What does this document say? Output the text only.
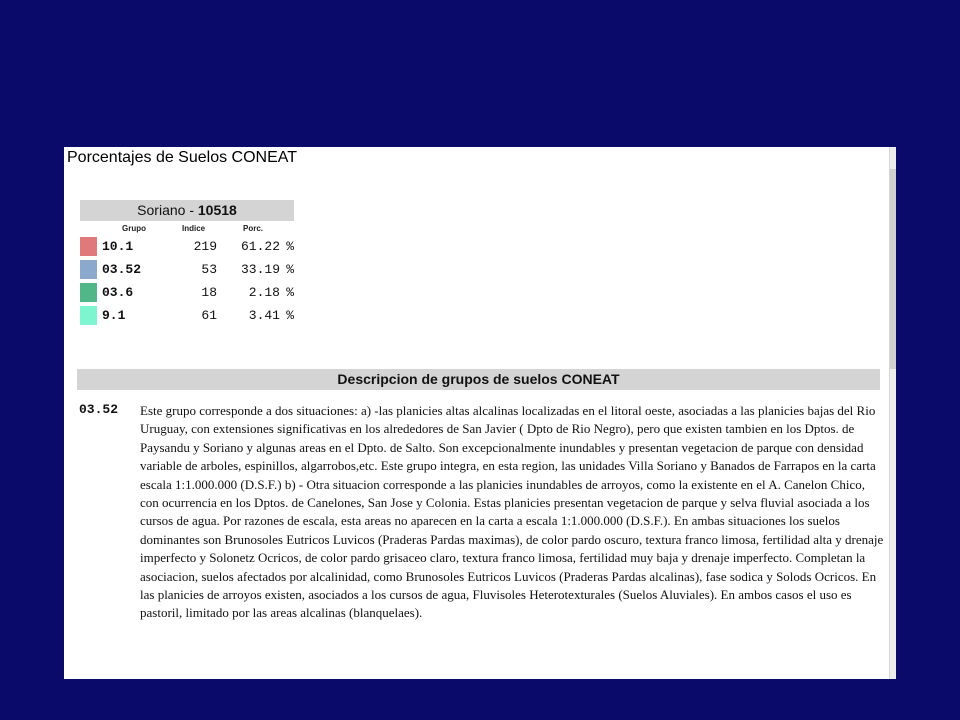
Porcentajes de Suelos CONEAT
Soriano - 10518
Grupo	Indice	Porc.
10.1	219 61.22 %
03.52	53 33.19 %
03.6	18 2.18 %
9.1	61 3.41 %
Descripcion de grupos de suelos CONEAT
03.52 Este grupo corresponde a dos situaciones: a) -las planicies altas alcalinas localizadas en el litoral oeste, asociadas a las planicies bajas del Rio Uruguay, con extensiones significativas en los alrededores de San Javier ( Dpto de Rio Negro), pero que existen tambien en los Dptos. de Paysandu y Soriano y algunas areas en el Dpto. de Salto. Son excepcionalmente inundables y presentan vegetacion de parque con densidad variable de arboles, espinillos, algarrobos,etc. Este grupo integra, en esta region, las unidades Villa Soriano y Banados de Farrapos en la carta escala 1:1.000.000 (D.S.F.) b) - Otra situacion corresponde a las planicies inundables de arroyos, como la existente en el A. Canelon Chico, con ocurrencia en los Dptos. de Canelones, San Jose y Colonia. Estas planicies presentan vegetacion de parque y selva fluvial asociada a los cursos de agua. Por razones de escala, esta areas no aparecen en la carta a escala 1:1.000.000 (D.S.F.). En ambas situaciones los suelos dominantes son Brunosoles Eutricos Luvicos (Praderas Pardas maximas), de color pardo oscuro, textura franco limosa, fertilidad alta y drenaje imperfecto y Solonetz Ocricos, de color pardo grisaceo claro, textura franco limosa, fertilidad muy baja y drenaje imperfecto. Completan la asociacion, suelos afectados por alcalinidad, como Brunosoles Eutricos Luvicos (Praderas Pardas alcalinas), fase sodica y Solods Ocricos. En las planicies de arroyos existen, asociados a los cursos de agua, Fluvisoles Heterotexturales (Suelos Aluviales). En ambos casos el uso es pastoril, limitado por las areas alcalinas (blanquelaes).
